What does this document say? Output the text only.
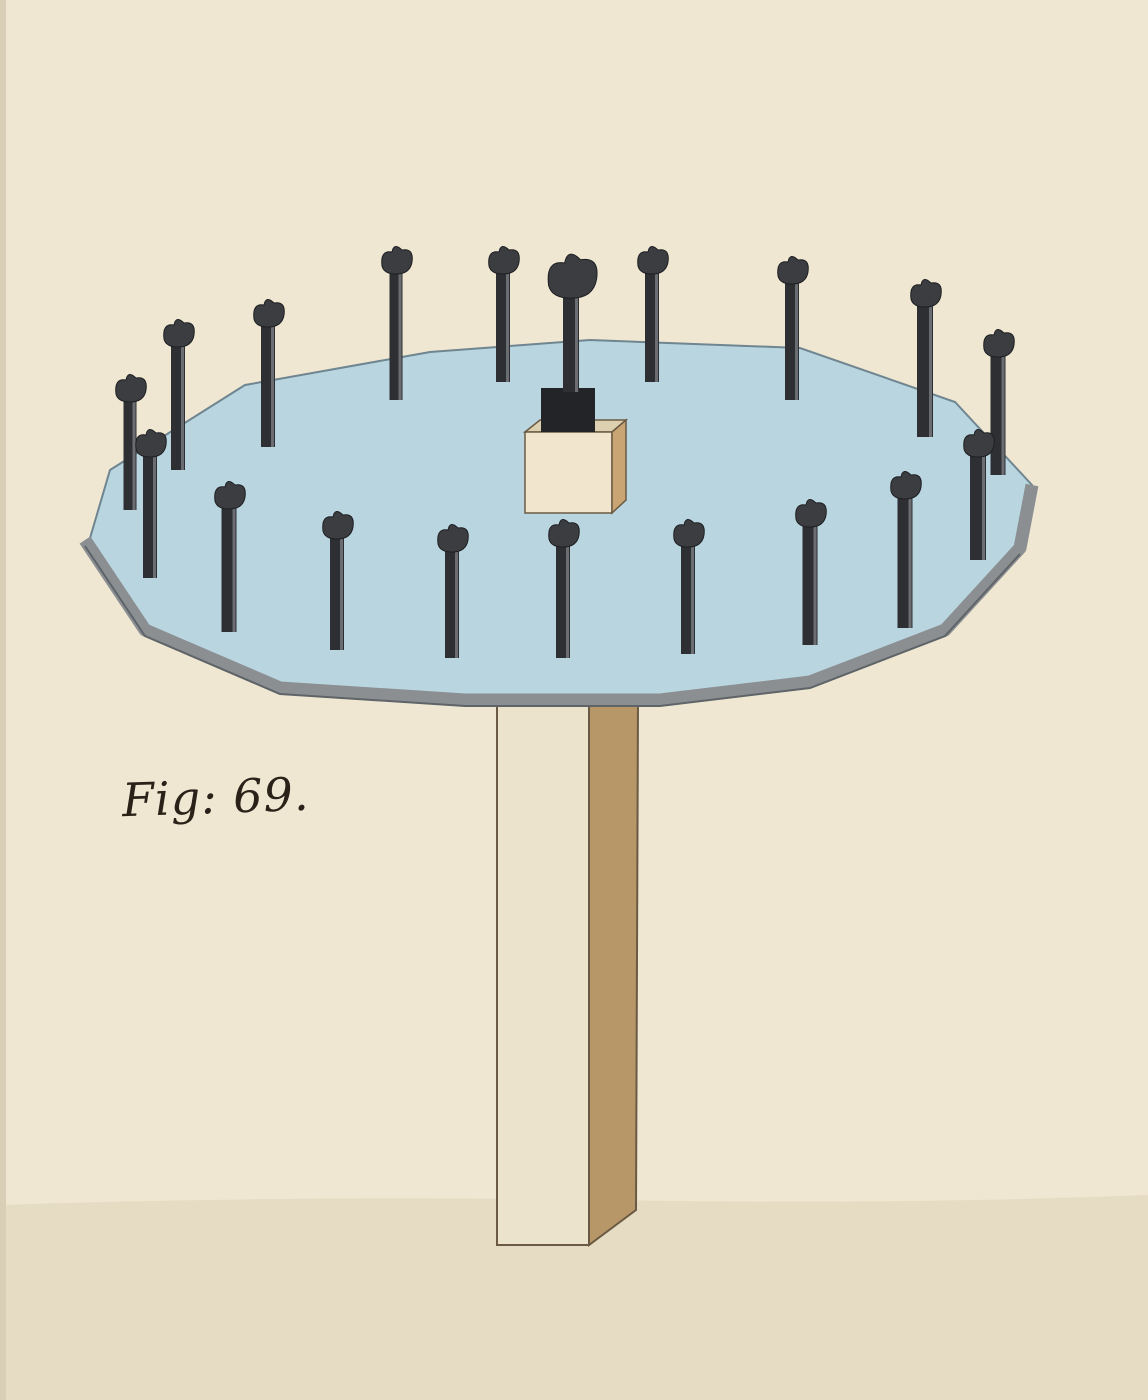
Fig: 69.
